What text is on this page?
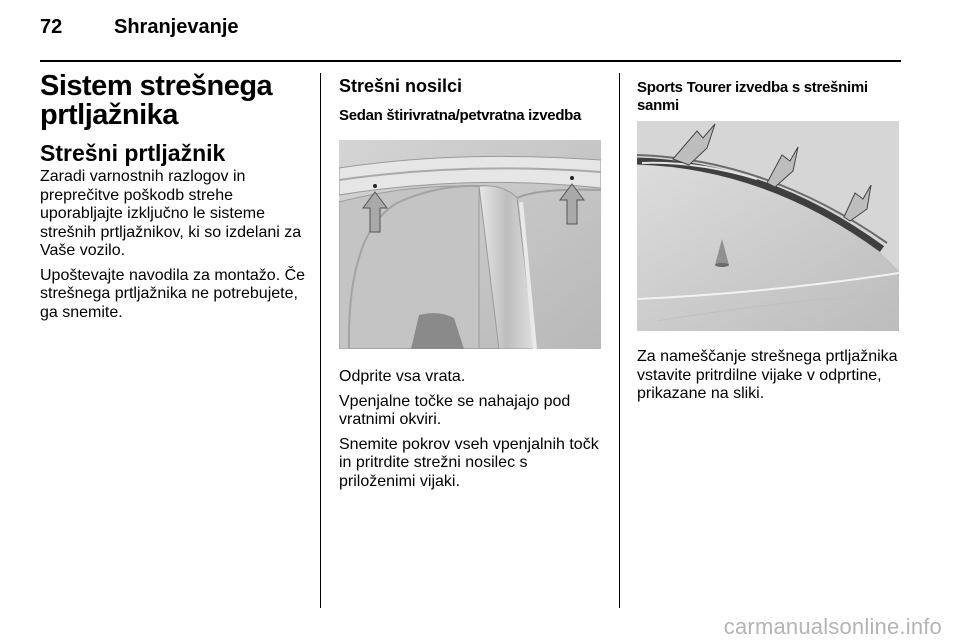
72	Shranjevanje
Sistem strešnega prtljažnika
Strešni prtljažnik

Zaradi varnostnih razlogov in preprečitve poškodb strehe uporabljajte izključno le sisteme strešnih prtljažnikov, ki so izdelani za Vaše vozilo.

Upoštevajte navodila za montažo. Če strešnega prtljažnika ne potrebujete, ga snemite.

Strešni nosilci
Sedan štirivratna/petvratna izvedba

Odprite vsa vrata.

Vpenjalne točke se nahajajo pod vratnimi okviri.

Snemite pokrov vseh vpenjalnih točk in pritrdite strežni nosilec s priloženimi vijaki.

Sports Tourer izvedba s strešnimi sanmi

Za nameščanje strešnega prtljažnika vstavite pritrdilne vijake v odprtine, prikazane na sliki.

carmanualsonline.info
